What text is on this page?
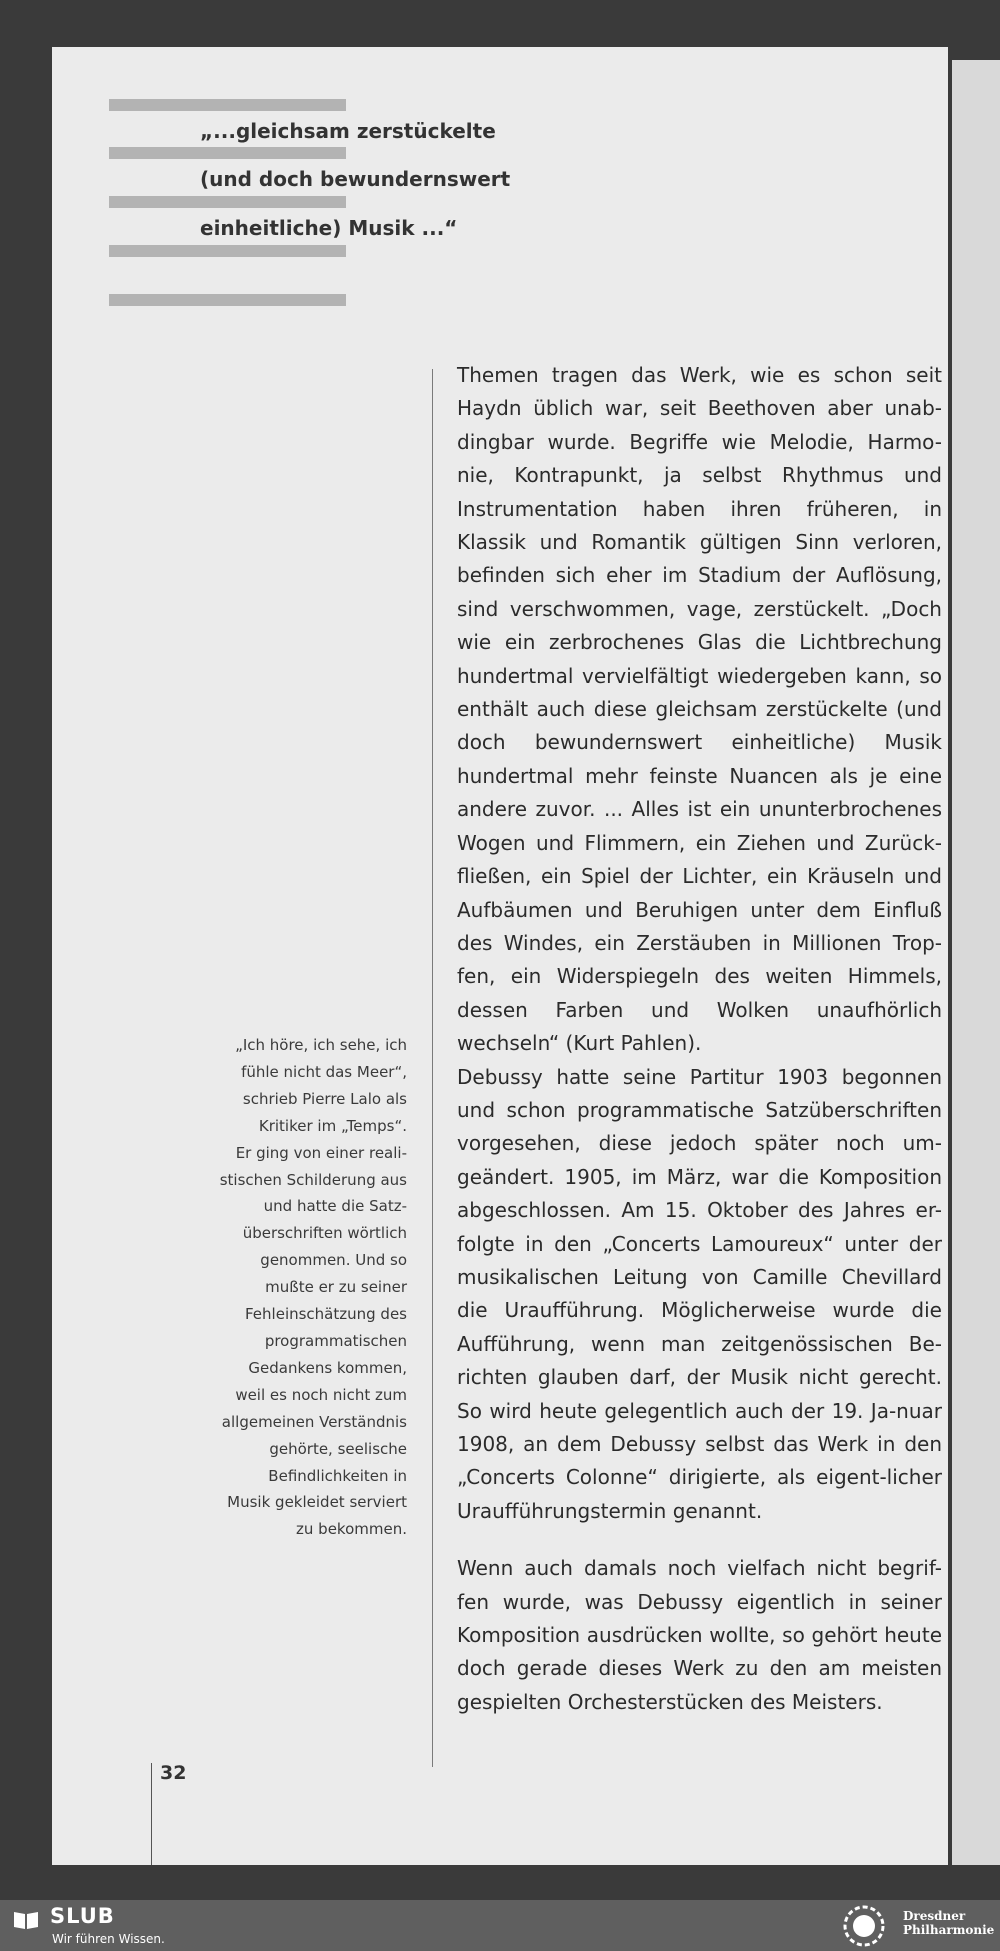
„...gleichsam zerstückelte
(und doch bewundernswert
einheitliche) Musik ...“

Themen tragen das Werk, wie es schon seit Haydn üblich war, seit Beethoven aber unab-dingbar wurde. Begriffe wie Melodie, Harmo-nie, Kontrapunkt, ja selbst Rhythmus und Instrumentation haben ihren früheren, in Klassik und Romantik gültigen Sinn verloren, befinden sich eher im Stadium der Auflösung, sind verschwommen, vage, zerstückelt. „Doch wie ein zerbrochenes Glas die Lichtbrechung hundertmal vervielfältigt wiedergeben kann, so enthält auch diese gleichsam zerstückelte (und doch bewundernswert einheitliche) Musik hundertmal mehr feinste Nuancen als je eine andere zuvor. ... Alles ist ein ununterbrochenes Wogen und Flimmern, ein Ziehen und Zurück-fließen, ein Spiel der Lichter, ein Kräuseln und Aufbäumen und Beruhigen unter dem Einfluß des Windes, ein Zerstäuben in Millionen Trop-fen, ein Widerspiegeln des weiten Himmels, dessen Farben und Wolken unaufhörlich wechseln“ (Kurt Pahlen).

Debussy hatte seine Partitur 1903 begonnen und schon programmatische Satzüberschriften vorgesehen, diese jedoch später noch um-geändert. 1905, im März, war die Komposition abgeschlossen. Am 15. Oktober des Jahres er-folgte in den „Concerts Lamoureux“ unter der musikalischen Leitung von Camille Chevillard die Uraufführung. Möglicherweise wurde die Aufführung, wenn man zeitgenössischen Be-richten glauben darf, der Musik nicht gerecht. So wird heute gelegentlich auch der 19. Ja-nuar 1908, an dem Debussy selbst das Werk in den „Concerts Colonne“ dirigierte, als eigent-licher Uraufführungstermin genannt.

Wenn auch damals noch vielfach nicht begrif-fen wurde, was Debussy eigentlich in seiner Komposition ausdrücken wollte, so gehört heute doch gerade dieses Werk zu den am meisten gespielten Orchesterstücken des Meisters.

„Ich höre, ich sehe, ich
fühle nicht das Meer“,
schrieb Pierre Lalo als
Kritiker im „Temps“.
Er ging von einer reali-
stischen Schilderung aus
und hatte die Satz-
überschriften wörtlich
genommen. Und so
mußte er zu seiner
Fehleinschätzung des
programmatischen
Gedankens kommen,
weil es noch nicht zum
allgemeinen Verständnis
gehörte, seelische
Befindlichkeiten in
Musik gekleidet serviert
zu bekommen.
32
SLUB
Wir führen Wissen.
Dresdner
Philharmonie
